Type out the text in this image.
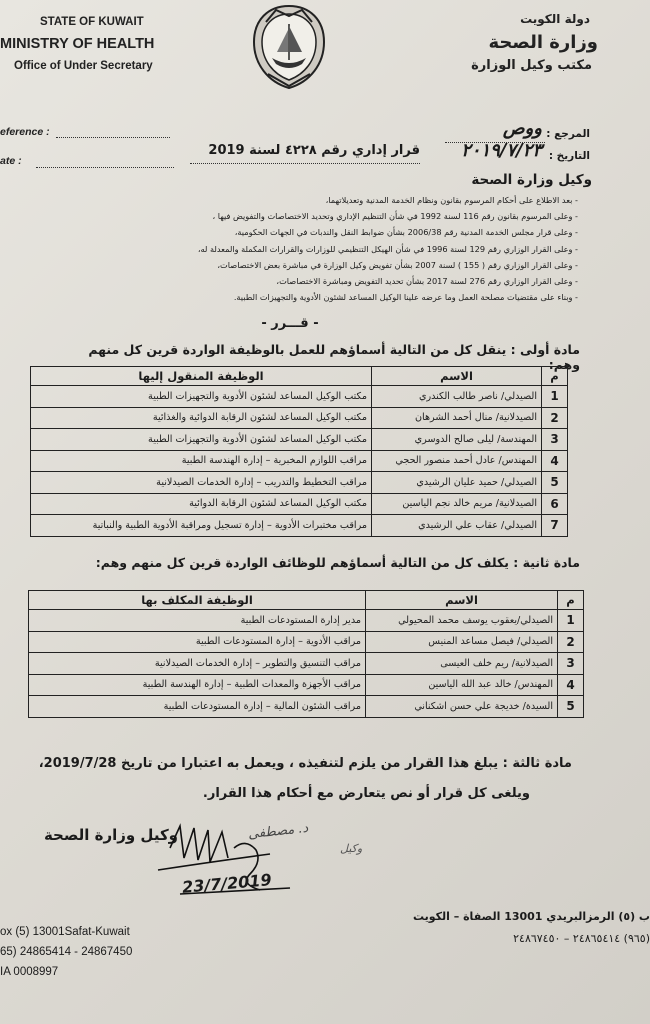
STATE OF KUWAIT
MINISTRY OF HEALTH
Office of Under Secretary
دولة الكويت
وزارة الصحة
مكتب وكيل الوزارة
eference :
ate :
المرجع :
ووص
التاريخ :
٢٠١٩/٧/٢٣
قرار إداري رقم ٤٢٢٨ لسنة 2019
وكيل وزارة الصحة
- بعد الاطلاع على أحكام المرسوم بقانون ونظام الخدمة المدنية وتعديلاتهما،
- وعلى المرسوم بقانون رقم 116 لسنة 1992 في شأن التنظيم الإداري وتحديد الاختصاصات والتفويض فيها ،
- وعلى قرار مجلس الخدمة المدنية رقم 2006/38 بشأن ضوابط النقل والندبات في الجهات الحكومية،
- وعلى القرار الوزاري رقم 129 لسنة 1996 في شأن الهيكل التنظيمي للوزارات والقرارات المكملة والمعدلة له،
- وعلى القرار الوزاري رقم ( 155 ) لسنة 2007 بشأن تفويض وكيل الوزارة في مباشرة بعض الاختصاصات،
- وعلى القرار الوزاري رقم 276 لسنة 2017 بشأن تحديد التفويض ومباشرة الاختصاصات،
- وبناء على مقتضيات مصلحة العمل وما عرضه علينا الوكيل المساعد لشئون الأدوية والتجهيزات الطبية.
- قـــرر -
مادة أولى : ينقل كل من التالية أسماؤهم للعمل بالوظيفة الواردة قرين كل منهم وهم:
م	الاسم	الوظيفة المنقول إليها
1	الصيدلي/ ناصر طالب الكندري	مكتب الوكيل المساعد لشئون الأدوية والتجهيزات الطبية
2	الصيدلانية/ منال أحمد الشرهان	مكتب الوكيل المساعد لشئون الرقابة الدوائية والغذائية
3	المهندسة/ ليلى صالح الدوسري	مكتب الوكيل المساعد لشئون الأدوية والتجهيزات الطبية
4	المهندس/ عادل أحمد منصور الحجي	مراقب اللوازم المخبرية – إدارة الهندسة الطبية
5	الصيدلي/ حميد عليان الرشيدي	مراقب التخطيط والتدريب – إدارة الخدمات الصيدلانية
6	الصيدلانية/ مريم خالد نجم الياسين	مكتب الوكيل المساعد لشئون الرقابة الدوائية
7	الصيدلي/ عقاب علي الرشيدي	مراقب مختبرات الأدوية – إدارة تسجيل ومراقبة الأدوية الطبية والنباتية
مادة ثانية : يكلف كل من التالية أسماؤهم للوظائف الواردة قرين كل منهم وهم:
م	الاسم	الوظيفة المكلف بها
1	الصيدلي/يعقوب يوسف محمد المحيولي	مدير إدارة المستودعات الطبية
2	الصيدلي/ فيصل مساعد المنيس	مراقب الأدوية – إدارة المستودعات الطبية
3	الصيدلانية/ ريم خلف العيسى	مراقب التنسيق والتطوير – إدارة الخدمات الصيدلانية
4	المهندس/ خالد عبد الله الياسين	مراقب الأجهزة والمعدات الطبية – إدارة الهندسة الطبية
5	السيدة/ خديجة علي حسن اشكناني	مراقب الشئون المالية – إدارة المستودعات الطبية
مادة ثالثة : يبلغ هذا القرار من يلزم لتنفيذه ، ويعمل به اعتبارا من تاريخ 2019/7/28،
ويلغى كل قرار أو نص يتعارض مع أحكام هذا القرار.
وكيل وزارة الصحة	د. مصطفى
وكيل
23/7/2019
ox (5) 13001Safat-Kuwait
65) 24865414 - 24867450
IA 0008997
ب (٥) الرمزالبريدي 13001 الصفاة – الكويت
(٩٦٥) ٢٤٨٦٥٤١٤ – ٢٤٨٦٧٤٥٠
